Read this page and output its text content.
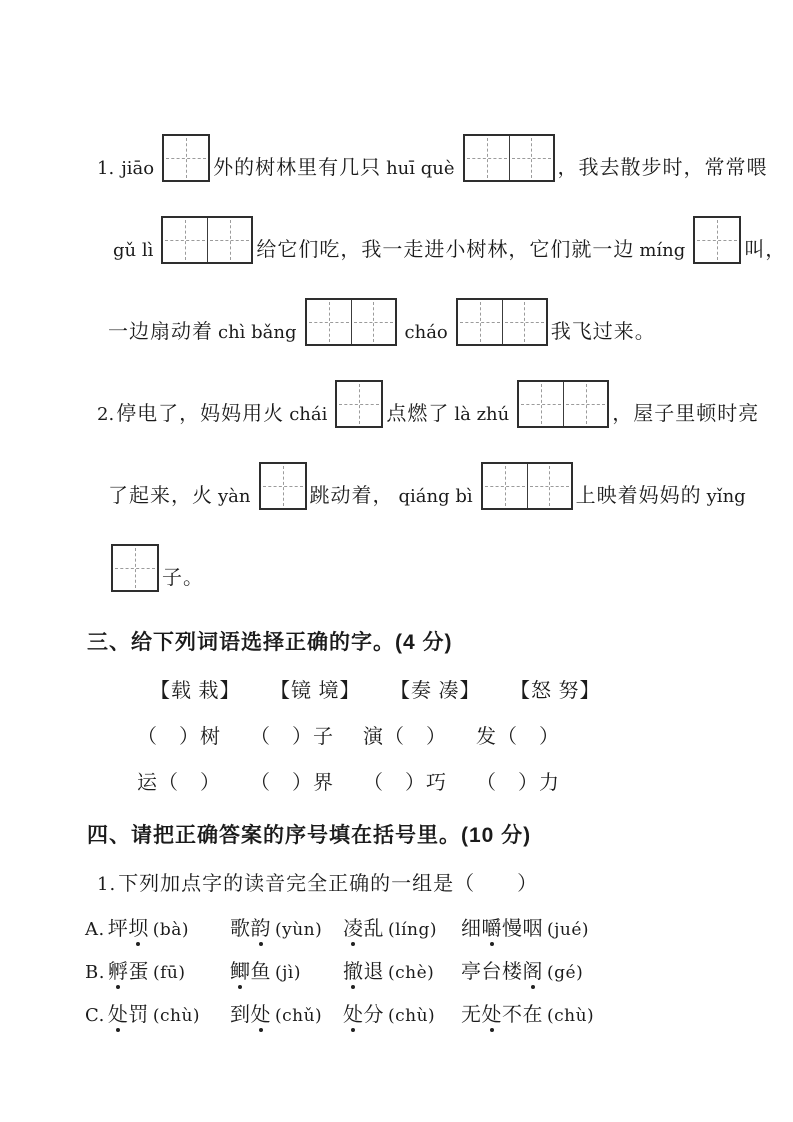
1. jiāo	外的树林里有几只 huī què	，我去散步时，常常喂
gǔ lì	给它们吃，我一走进小树林，它们就一边 míng	叫，
一边扇动着 chì bǎng	cháo	我飞过来。
2. 停电了，妈妈用火 chái	点燃了 là zhú	，屋子里顿时亮
了起来，火 yàn	跳动着， qiáng bì	上映着妈妈的 yǐng
子。
三、给下列词语选择正确的字。(4 分)
【载 栽】	【镜 境】	【奏 凑】	【怒 努】
（　）树	（　）子	演（　）	发（　）
运（　）	（　）界	（　）巧	（　）力
四、请把正确答案的序号填在括号里。(10 分)
1. 下列加点字的读音完全正确的一组是（　　）
A. 坪坝 (bà)	歌韵 (yùn)	凌乱 (líng)	细嚼慢咽 (jué)
B. 孵蛋 (fū)	鲫鱼 (jì)	撤退 (chè)	亭台楼阁 (gé)
C. 处罚 (chù)	到处 (chǔ)	处分 (chù)	无处不在 (chù)
